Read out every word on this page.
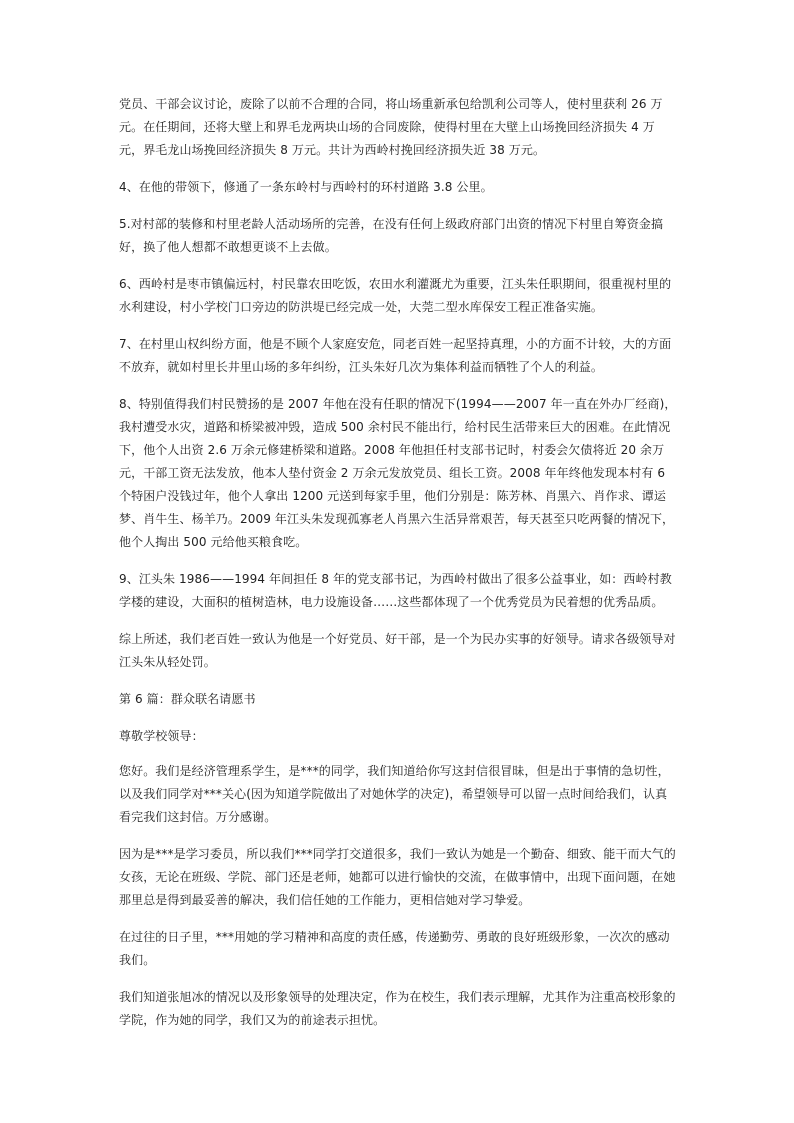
党员、干部会议讨论，废除了以前不合理的合同，将山场重新承包给凯利公司等人，使村里获利 26 万元。在任期间，还将大壁上和界毛龙两块山场的合同废除，使得村里在大壁上山场挽回经济损失 4 万元，界毛龙山场挽回经济损失 8 万元。共计为西岭村挽回经济损失近 38 万元。

4、在他的带领下，修通了一条东岭村与西岭村的环村道路 3.8 公里。

5.对村部的装修和村里老龄人活动场所的完善，在没有任何上级政府部门出资的情况下村里自筹资金搞好，换了他人想都不敢想更谈不上去做。

6、西岭村是枣市镇偏远村，村民靠农田吃饭，农田水利灌溉尤为重要，江头朱任职期间，很重视村里的水利建设，村小学校门口旁边的防洪堤已经完成一处，大莞二型水库保安工程正准备实施。

7、在村里山权纠纷方面，他是不顾个人家庭安危，同老百姓一起坚持真理，小的方面不计较，大的方面不放弃，就如村里长井里山场的多年纠纷，江头朱好几次为集体利益而牺牲了个人的利益。

8、特别值得我们村民赞扬的是 2007 年他在没有任职的情况下(1994——2007 年一直在外办厂经商)，我村遭受水灾，道路和桥梁被冲毁，造成 500 余村民不能出行，给村民生活带来巨大的困难。在此情况下，他个人出资 2.6 万余元修建桥梁和道路。2008 年他担任村支部书记时，村委会欠债将近 20 余万元，干部工资无法发放，他本人垫付资金 2 万余元发放党员、组长工资。2008 年年终他发现本村有 6 个特困户没钱过年，他个人拿出 1200 元送到每家手里，他们分别是：陈芳林、肖黑六、肖作求、谭运梦、肖牛生、杨羊乃。2009 年江头朱发现孤寡老人肖黑六生活异常艰苦，每天甚至只吃两餐的情况下，他个人掏出 500 元给他买粮食吃。

9、江头朱 1986——1994 年间担任 8 年的党支部书记，为西岭村做出了很多公益事业，如：西岭村教学楼的建设，大面积的植树造林，电力设施设备……这些都体现了一个优秀党员为民着想的优秀品质。

综上所述，我们老百姓一致认为他是一个好党员、好干部，是一个为民办实事的好领导。请求各级领导对江头朱从轻处罚。

第 6 篇：群众联名请愿书

尊敬学校领导：

您好。我们是经济管理系学生，是***的同学，我们知道给你写这封信很冒昧，但是出于事情的急切性，以及我们同学对***关心(因为知道学院做出了对她休学的决定)，希望领导可以留一点时间给我们，认真看完我们这封信。万分感谢。

因为是***是学习委员，所以我们***同学打交道很多，我们一致认为她是一个勤奋、细致、能干而大气的女孩，无论在班级、学院、部门还是老师，她都可以进行愉快的交流，在做事情中，出现下面问题，在她那里总是得到最妥善的解决，我们信任她的工作能力，更相信她对学习挚爱。

在过往的日子里，***用她的学习精神和高度的责任感，传递勤劳、勇敢的良好班级形象，一次次的感动我们。

我们知道张旭冰的情况以及形象领导的处理决定，作为在校生，我们表示理解，尤其作为注重高校形象的学院，作为她的同学，我们又为的前途表示担忧。
